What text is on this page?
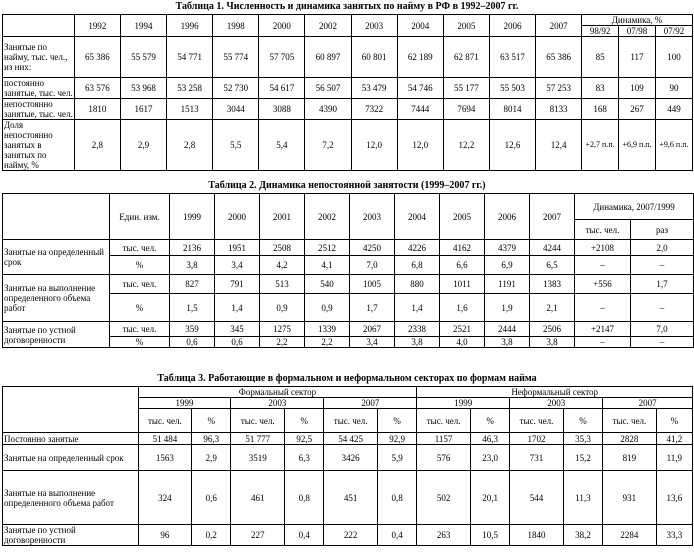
Таблица 1. Численность и динамика занятых по найму в РФ в 1992–2007 гг.
	1992	1994	1996	1998	2000	2002	2003	2004	2005	2006	2007	Динамика, %		
												98/92	07/98	07/92
Занятые по найму, тыс. чел., из них:	65 386	55 579	54 771	55 774	57 705	60 897	60 801	62 189	62 871	63 517	65 386	85	117	100
постоянно занятые, тыс. чел.	63 576	53 968	53 258	52 730	54 617	56 507	53 479	54 746	55 177	55 503	57 253	83	109	90
непостоянно занятые, тыс. чел.	1810	1617	1513	3044	3088	4390	7322	7444	7694	8014	8133	168	267	449
Доля непостоянно занятых в занятых по найму, %	2,8	2,9	2,8	5,5	5,4	7,2	12,0	12,0	12,2	12,6	12,4	+2,7 п.п.	+6,9 п.п.	+9,6 п.п.
Таблица 2. Динамика непостоянной занятости (1999–2007 гг.)
	Един. изм.	1999	2000	2001	2002	2003	2004	2005	2006	2007	Динамика, 2007/1999	
											тыс. чел.	раз
Занятые на определенный срок	тыс. чел.	2136	1951	2508	2512	4250	4226	4162	4379	4244	+2108	2,0
	%	3,8	3,4	4,2	4,1	7,0	6,8	6,6	6,9	6,5	–	–
Занятые на выполнение определенного объема работ	тыс. чел.	827	791	513	540	1005	880	1011	1191	1383	+556	1,7
	%	1,5	1,4	0,9	0,9	1,7	1,4	1,6	1,9	2,1	–	–
Занятые по устной договоренности	тыс. чел.	359	345	1275	1339	2067	2338	2521	2444	2506	+2147	7,0
	%	0,6	0,6	2,2	2,2	3,4	3,8	4,0	3,8	3,8	–	–
Таблица 3. Работающие в формальном и неформальном секторах по формам найма
	Формальный сектор						Неформальный сектор					
	1999		2003		2007		1999		2003		2007	
	тыс. чел.	%	тыс. чел.	%	тыс. чел.	%	тыс. чел.	%	тыс. чел.	%	тыс. чел.	%
Постоянно занятые	51 484	96,3	51 777	92,5	54 425	92,9	1157	46,3	1702	35,3	2828	41,2
Занятые на определенный срок	1563	2,9	3519	6,3	3426	5,9	576	23,0	731	15,2	819	11,9
Занятые на выполнение определенного объема работ	324	0,6	461	0,8	451	0,8	502	20,1	544	11,3	931	13,6
Занятые по устной договоренности	96	0,2	227	0,4	222	0,4	263	10,5	1840	38,2	2284	33,3
